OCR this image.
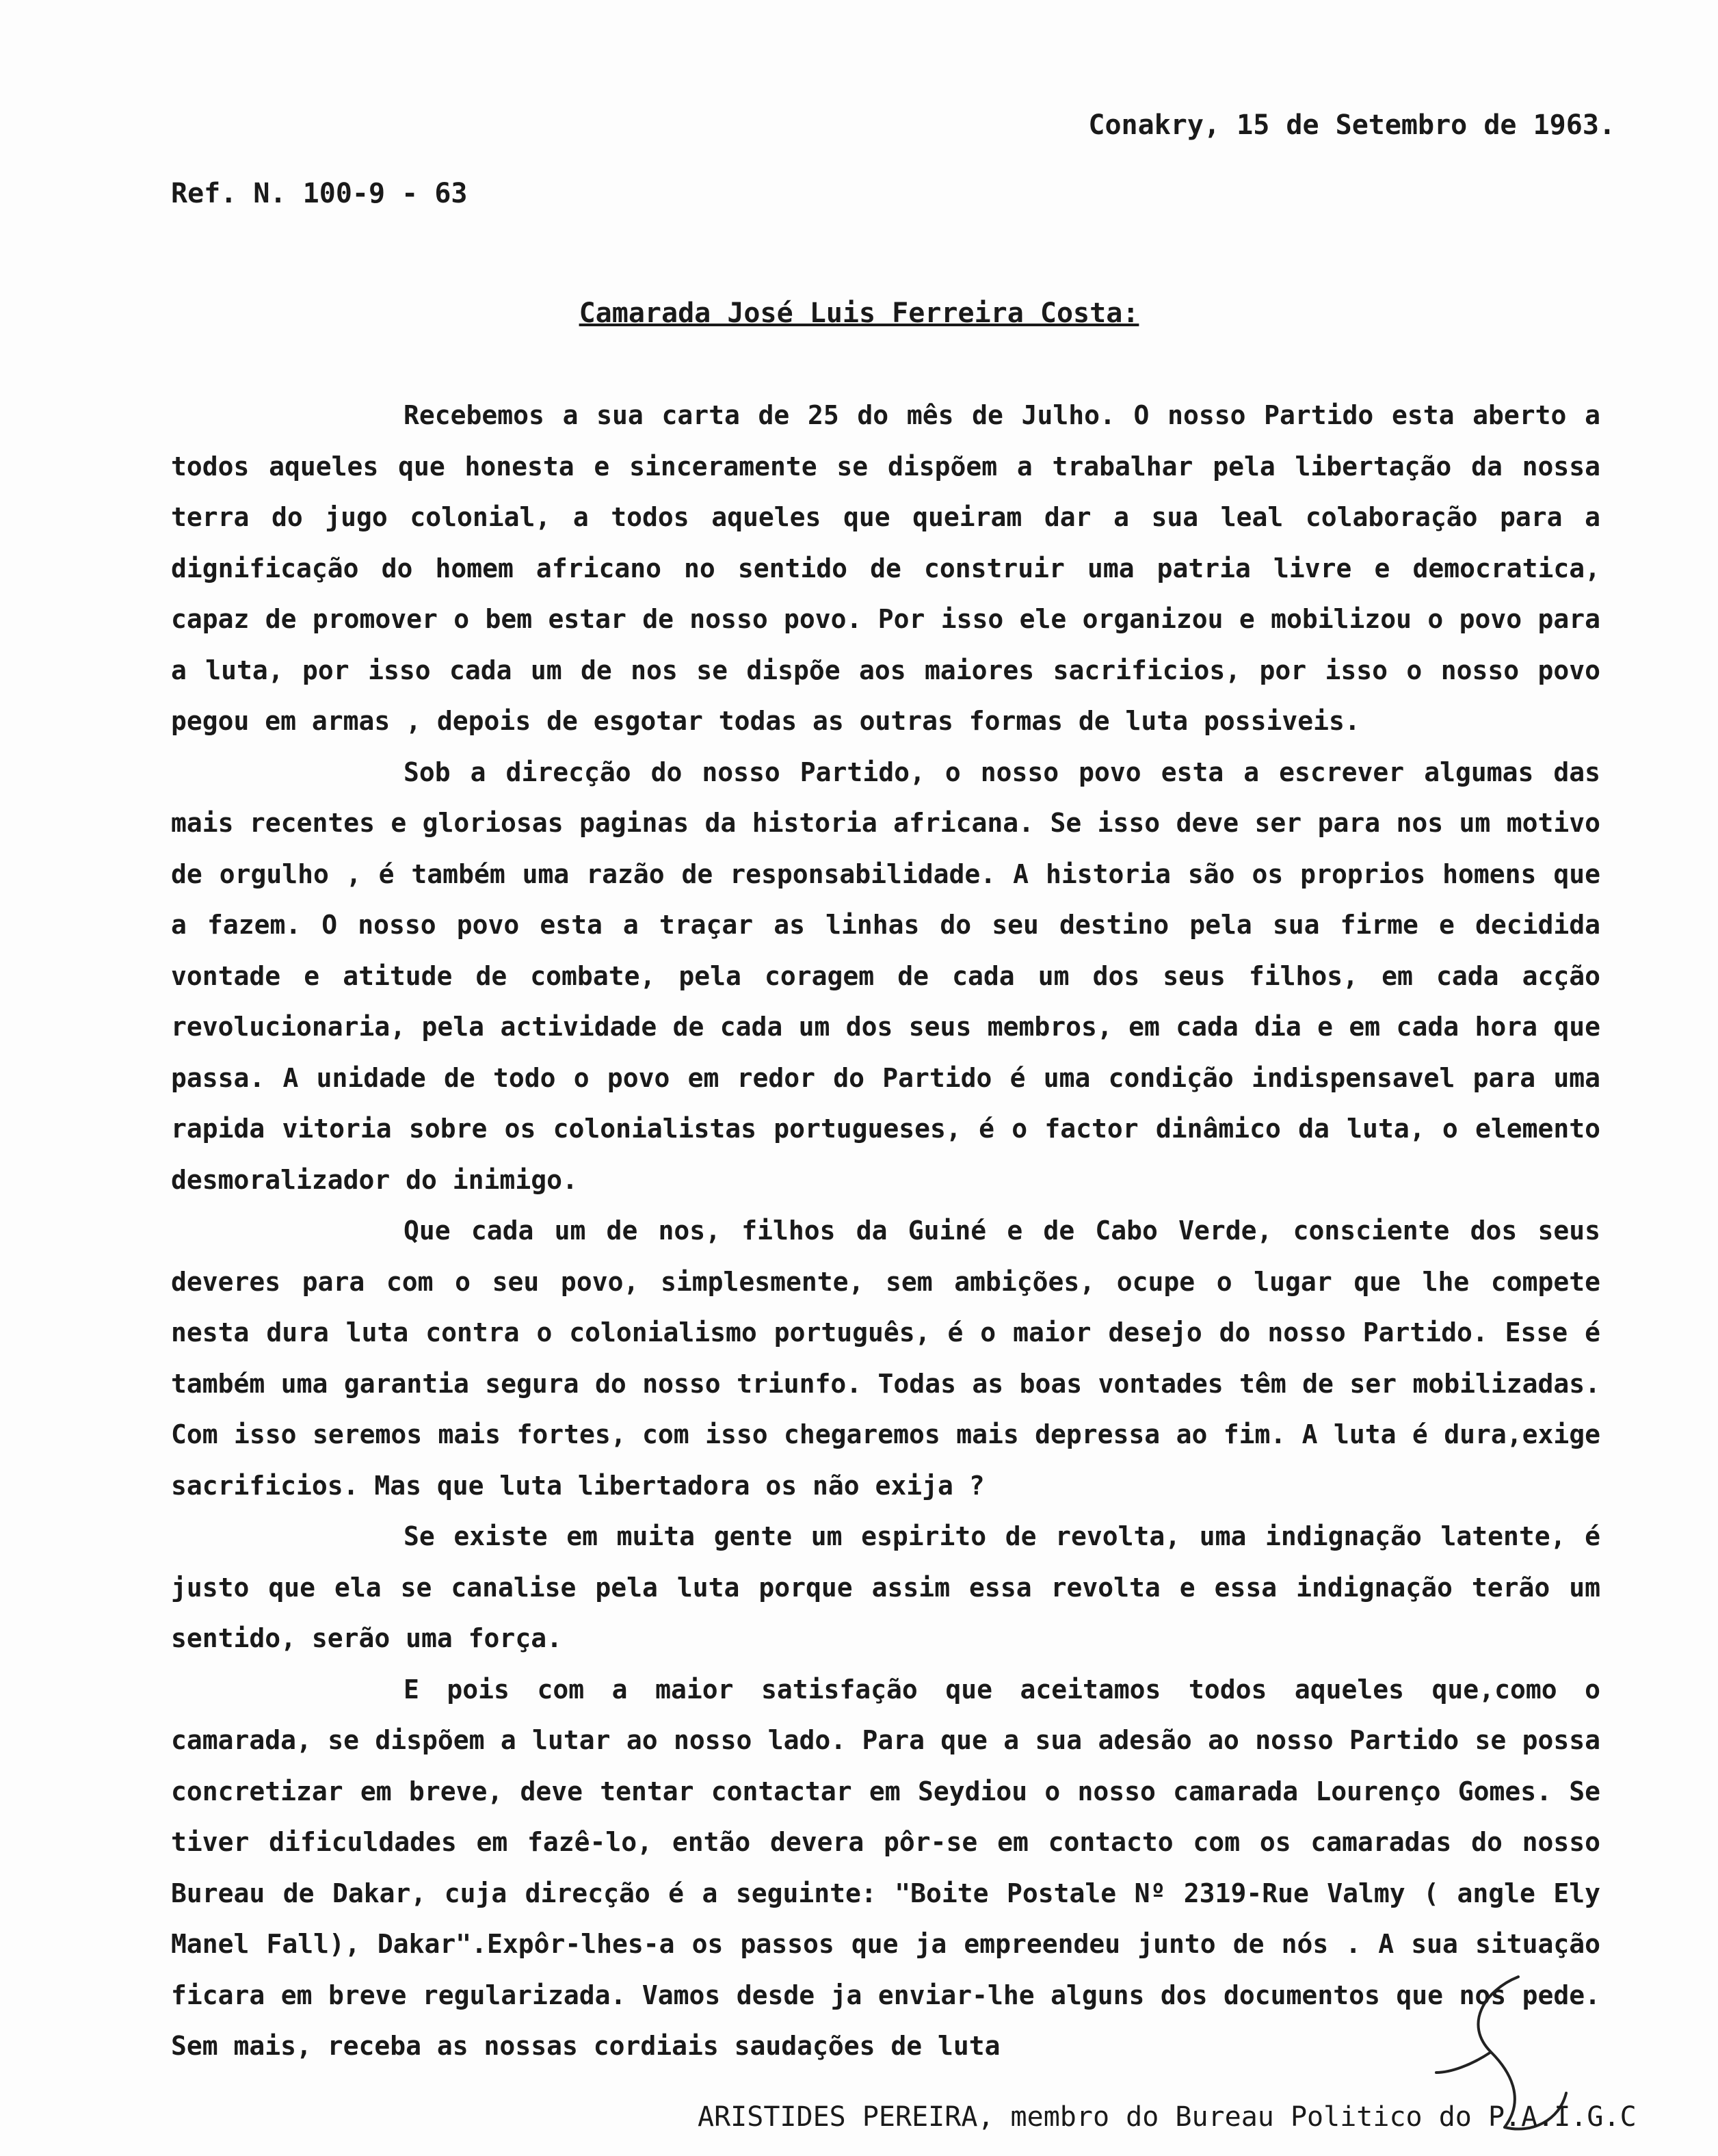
Conakry, 15 de Setembro de 1963.
Ref. N. 100-9 - 63
Camarada José Luis Ferreira Costa:

Recebemos a sua carta de 25 do mês de Julho. O nosso Partido esta aberto a todos aqueles que honesta e sinceramente se dispõem a trabalhar pela libertação da nossa terra do jugo colonial, a todos aqueles que queiram dar a sua leal colaboração para a dignificação do homem africano no sentido de construir uma patria livre e democratica, capaz de promover o bem estar de nosso povo. Por isso ele organizou e mobilizou o povo para a luta, por isso cada um de nos se dispõe aos maiores sacrificios, por isso o nosso povo pegou em armas , depois de esgotar todas as outras formas de luta possiveis.

Sob a direcção do nosso Partido, o nosso povo esta a escrever algumas das mais recentes e gloriosas paginas da historia africana. Se isso deve ser para nos um motivo de orgulho , é também uma razão de responsabilidade. A historia são os proprios homens que a fazem. O nosso povo esta a traçar as linhas do seu destino pela sua firme e decidida vontade e atitude de combate, pela coragem de cada um dos seus filhos, em cada acção revolucionaria, pela actividade de cada um dos seus membros, em cada dia e em cada hora que passa. A unidade de todo o povo em redor do Partido é uma condição indispensavel para uma rapida vitoria sobre os colonialistas portugueses, é o factor dinâmico da luta, o elemento desmoralizador do inimigo.

Que cada um de nos, filhos da Guiné e de Cabo Verde, consciente dos seus deveres para com o seu povo, simplesmente, sem ambições, ocupe o lugar que lhe compete nesta dura luta contra o colonialismo português, é o maior desejo do nosso Partido. Esse é também uma garantia segura do nosso triunfo. Todas as boas vontades têm de ser mobilizadas. Com isso seremos mais fortes, com isso chegaremos mais depressa ao fim. A luta é dura,exige sacrificios. Mas que luta libertadora os não exija ?

Se existe em muita gente um espirito de revolta, uma indignação latente, é justo que ela se canalise pela luta porque assim essa revolta e essa indignação terão um sentido, serão uma força.

E pois com a maior satisfação que aceitamos todos aqueles que,como o camarada, se dispõem a lutar ao nosso lado. Para que a sua adesão ao nosso Partido se possa concretizar em breve, deve tentar contactar em Seydiou o nosso camarada Lourenço Gomes. Se tiver dificuldades em fazê-lo, então devera pôr-se em contacto com os camaradas do nosso Bureau de Dakar, cuja direcção é a seguinte: "Boite Postale Nº 2319-Rue Valmy ( angle Ely Manel Fall), Dakar".Expôr-lhes-a os passos que ja empreendeu junto de nós . A sua situação ficara em breve regularizada. Vamos desde ja enviar-lhe alguns dos documentos que nos pede. Sem mais, receba as nossas cordiais saudações de luta

ARISTIDES PEREIRA, membro do Bureau Politico do P.A.I.G.C
